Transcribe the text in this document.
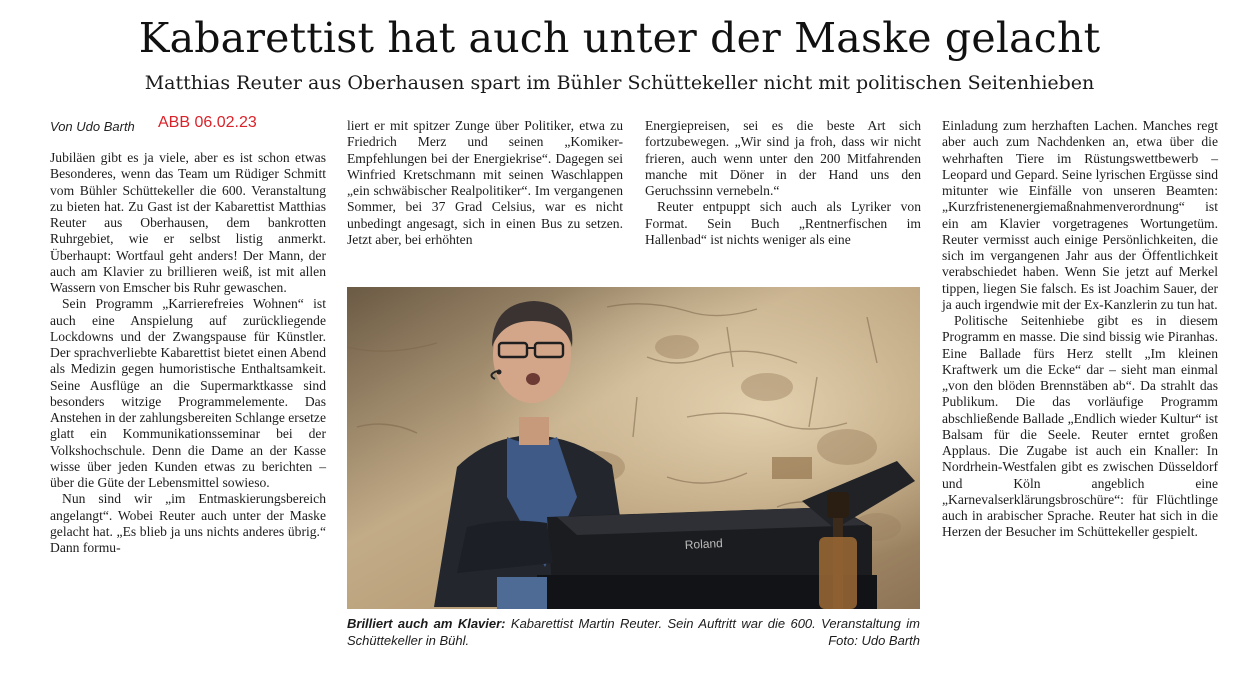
Kabarettist hat auch unter der Maske gelacht
Matthias Reuter aus Oberhausen spart im Bühler Schüttekeller nicht mit politischen Seitenhieben
Von Udo Barth ABB 06.02.23

Jubiläen gibt es ja viele, aber es ist schon etwas Besonderes, wenn das Team um Rüdiger Schmitt vom Bühler Schüttekeller die 600. Veranstaltung zu bieten hat. Zu Gast ist der Kabarettist Matthias Reuter aus Oberhausen, dem bankrotten Ruhrgebiet, wie er selbst listig anmerkt. Überhaupt: Wortfaul geht anders! Der Mann, der auch am Klavier zu brillieren weiß, ist mit allen Wassern von Emscher bis Ruhr gewaschen.

Sein Programm „Karrierefreies Wohnen“ ist auch eine Anspielung auf zurückliegende Lockdowns und der Zwangspause für Künstler. Der sprachverliebte Kabarettist bietet einen Abend als Medizin gegen humoristische Enthaltsamkeit. Seine Ausflüge an die Supermarktkasse sind besonders witzige Programmelemente. Das Anstehen in der zahlungsbereiten Schlange ersetze glatt ein Kommunikationsseminar bei der Volkshochschule. Denn die Dame an der Kasse wisse über jeden Kunden etwas zu berichten – über die Güte der Lebensmittel sowieso.

Nun sind wir „im Entmaskierungsbereich angelangt“. Wobei Reuter auch unter der Maske gelacht hat. „Es blieb ja uns nichts anderes übrig.“ Dann formu-

liert er mit spitzer Zunge über Politiker, etwa zu Friedrich Merz und seinen „Komiker-Empfehlungen bei der Energiekrise“. Dagegen sei Winfried Kretschmann mit seinen Waschlappen „ein schwäbischer Realpolitiker“. Im vergangenen Sommer, bei 37 Grad Celsius, war es nicht unbedingt angesagt, sich in einen Bus zu setzen. Jetzt aber, bei erhöhten

Energiepreisen, sei es die beste Art sich fortzubewegen. „Wir sind ja froh, dass wir nicht frieren, auch wenn unter den 200 Mitfahrenden manche mit Döner in der Hand uns den Geruchssinn vernebeln.“

Reuter entpuppt sich auch als Lyriker von Format. Sein Buch „Rentnerfischen im Hallenbad“ ist nichts weniger als eine

Einladung zum herzhaften Lachen. Manches regt aber auch zum Nachdenken an, etwa über die wehrhaften Tiere im Rüstungswettbewerb – Leopard und Gepard. Seine lyrischen Ergüsse sind mitunter wie Einfälle von unseren Beamten: „Kurzfristenenergiemaßnahmenverordnung“ ist ein am Klavier vorgetragenes Wortungetüm. Reuter vermisst auch einige Persönlichkeiten, die sich im vergangenen Jahr aus der Öffentlichkeit verabschiedet haben. Wenn Sie jetzt auf Merkel tippen, liegen Sie falsch. Es ist Joachim Sauer, der ja auch irgendwie mit der Ex-Kanzlerin zu tun hat.

Politische Seitenhiebe gibt es in diesem Programm en masse. Die sind bissig wie Piranhas. Eine Ballade fürs Herz stellt „Im kleinen Kraftwerk um die Ecke“ dar – sieht man einmal „von den blöden Brennstäben ab“. Da strahlt das Publikum. Die das vorläufige Programm abschließende Ballade „Endlich wieder Kultur“ ist Balsam für die Seele. Reuter erntet großen Applaus. Die Zugabe ist auch ein Knaller: In Nordrhein-Westfalen gibt es zwischen Düsseldorf und Köln angeblich eine „Karnevalserklärungsbroschüre“: für Flüchtlinge auch in arabischer Sprache. Reuter hat sich in die Herzen der Besucher im Schüttekeller gespielt.

Roland
Brilliert auch am Klavier: Kabarettist Martin Reuter. Sein Auftritt war die 600. Veranstaltung im Schüttekeller in Bühl.	Foto: Udo Barth
